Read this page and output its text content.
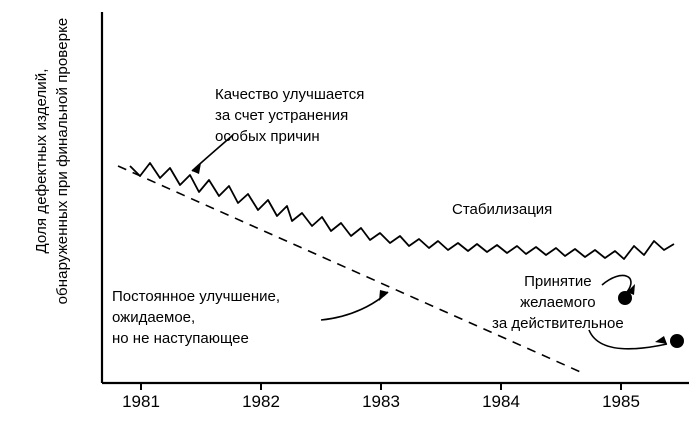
Доля дефектных изделий, обнаруженных при финальной проверке	Качество улучшается
за счет устранения
особых причин
Стабилизация
Постоянное улучшение,
ожидаемое,
но не наступающее
Принятие
желаемого
за действительное
1981	1982	1983	1984	1985
